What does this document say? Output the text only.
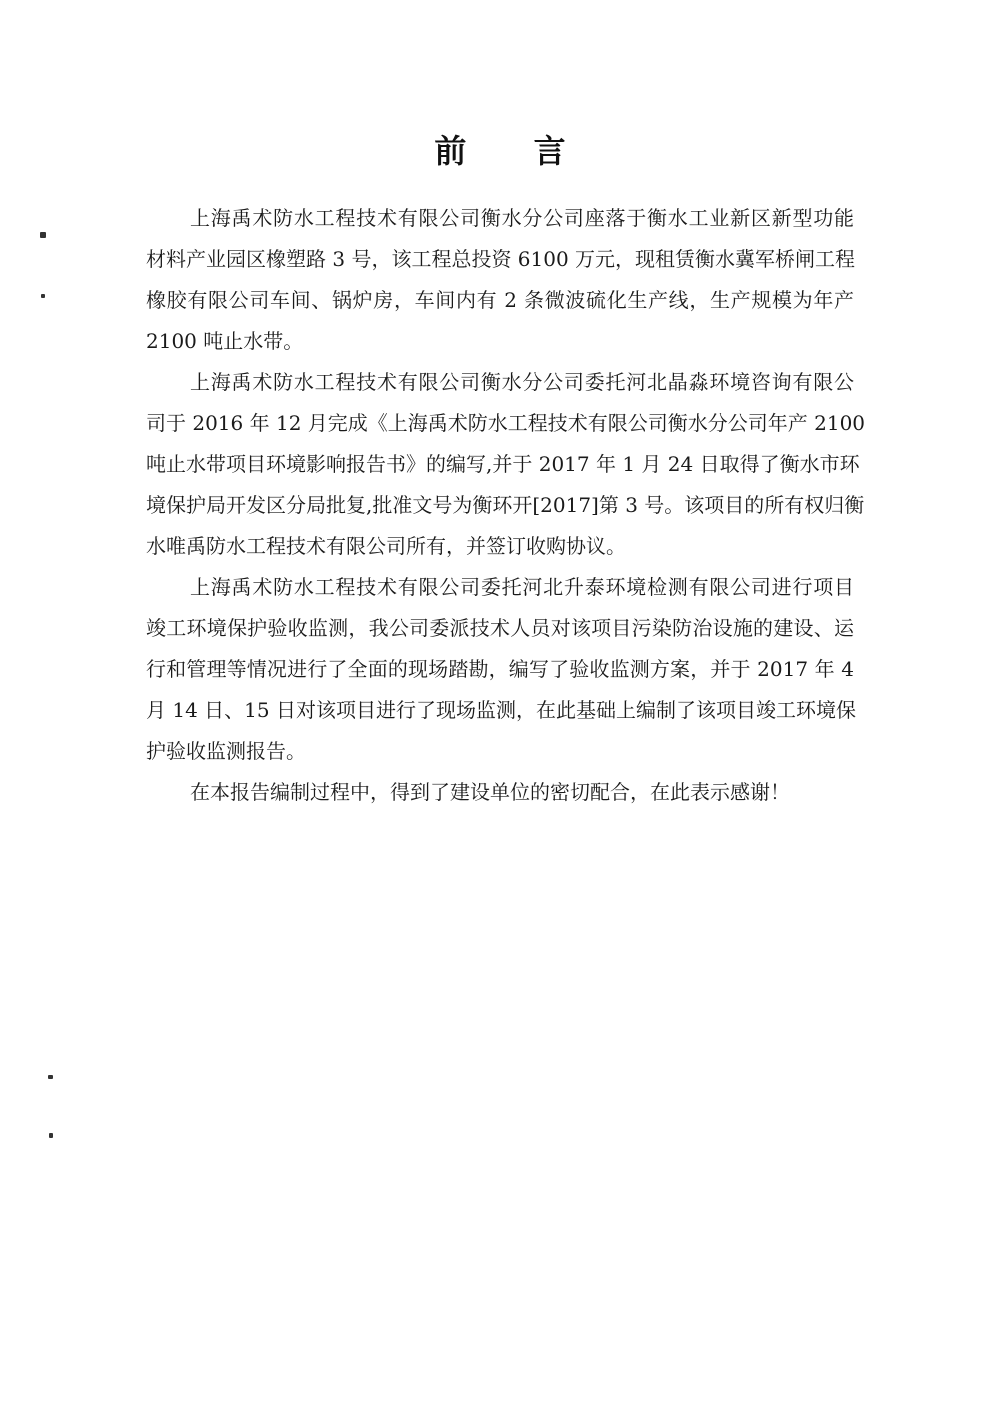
前 言
上海禹术防水工程技术有限公司衡水分公司座落于衡水工业新区新型功能
材料产业园区橡塑路 3 号，该工程总投资 6100 万元，现租赁衡水冀军桥闸工程
橡胶有限公司车间、锅炉房，车间内有 2 条微波硫化生产线，生产规模为年产
2100 吨止水带。
上海禹术防水工程技术有限公司衡水分公司委托河北晶淼环境咨询有限公
司于 2016 年 12 月完成《上海禹术防水工程技术有限公司衡水分公司年产 2100
吨止水带项目环境影响报告书》的编写,并于 2017 年 1 月 24 日取得了衡水市环
境保护局开发区分局批复,批准文号为衡环开[2017]第 3 号。该项目的所有权归衡
水唯禹防水工程技术有限公司所有，并签订收购协议。
上海禹术防水工程技术有限公司委托河北升泰环境检测有限公司进行项目
竣工环境保护验收监测，我公司委派技术人员对该项目污染防治设施的建设、运
行和管理等情况进行了全面的现场踏勘，编写了验收监测方案，并于 2017 年 4
月 14 日、15 日对该项目进行了现场监测，在此基础上编制了该项目竣工环境保
护验收监测报告。
在本报告编制过程中，得到了建设单位的密切配合，在此表示感谢！
